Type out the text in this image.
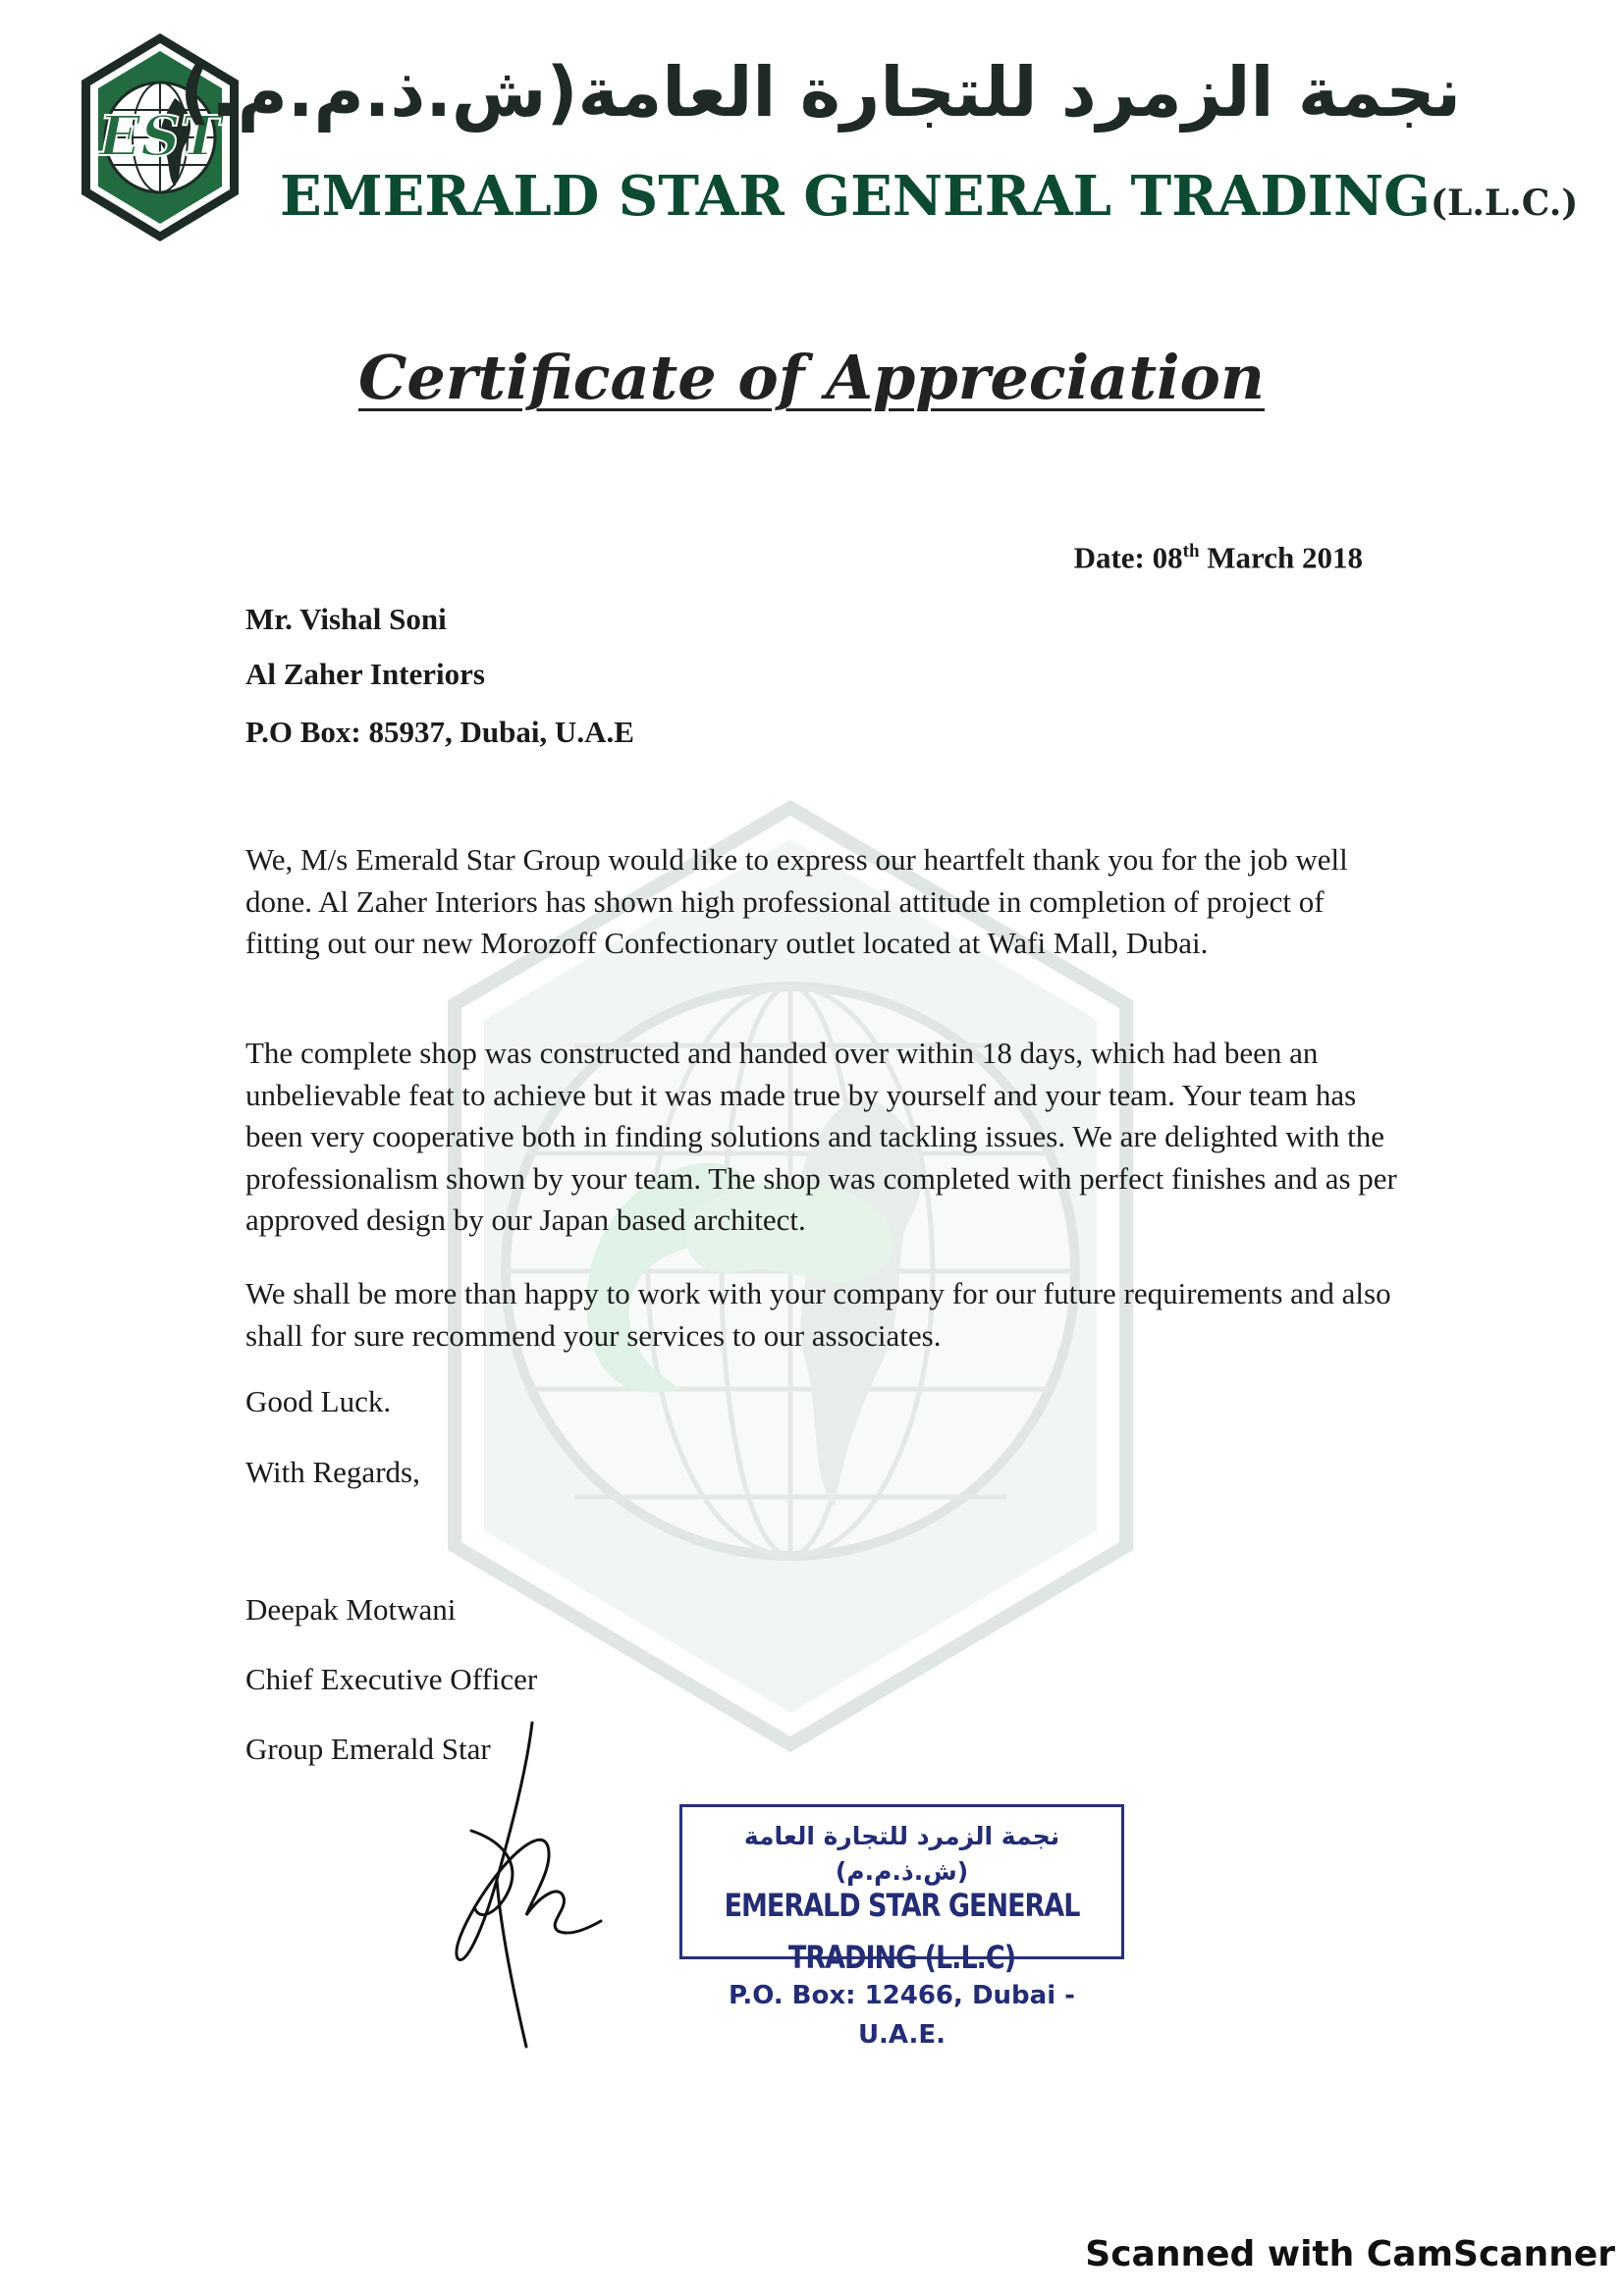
EST
نجمة الزمرد للتجارة العامة(ش.ذ.م.م.)
EMERALD STAR GENERAL TRADING(L.L.C.)
Certificate of Appreciation
Date: 08th March 2018
Mr. Vishal Soni
Al Zaher Interiors
P.O Box: 85937, Dubai, U.A.E

We, M/s Emerald Star Group would like to express our heartfelt thank you for the job well done. Al Zaher Interiors has shown high professional attitude in completion of project of fitting out our new Morozoff Confectionary outlet located at Wafi Mall, Dubai.

The complete shop was constructed and handed over within 18 days, which had been an unbelievable feat to achieve but it was made true by yourself and your team. Your team has been very cooperative both in finding solutions and tackling issues. We are delighted with the professionalism shown by your team. The shop was completed with perfect finishes and as per approved design by our Japan based architect.

We shall be more than happy to work with your company for our future requirements and also shall for sure recommend your services to our associates.

Good Luck.
With Regards,
Deepak Motwani
Chief Executive Officer
Group Emerald Star
نجمة الزمرد للتجارة العامة (ش.ذ.م.م)
EMERALD STAR GENERAL TRADING (L.L.C)
P.O. Box: 12466, Dubai - U.A.E.
Scanned with CamScanner
